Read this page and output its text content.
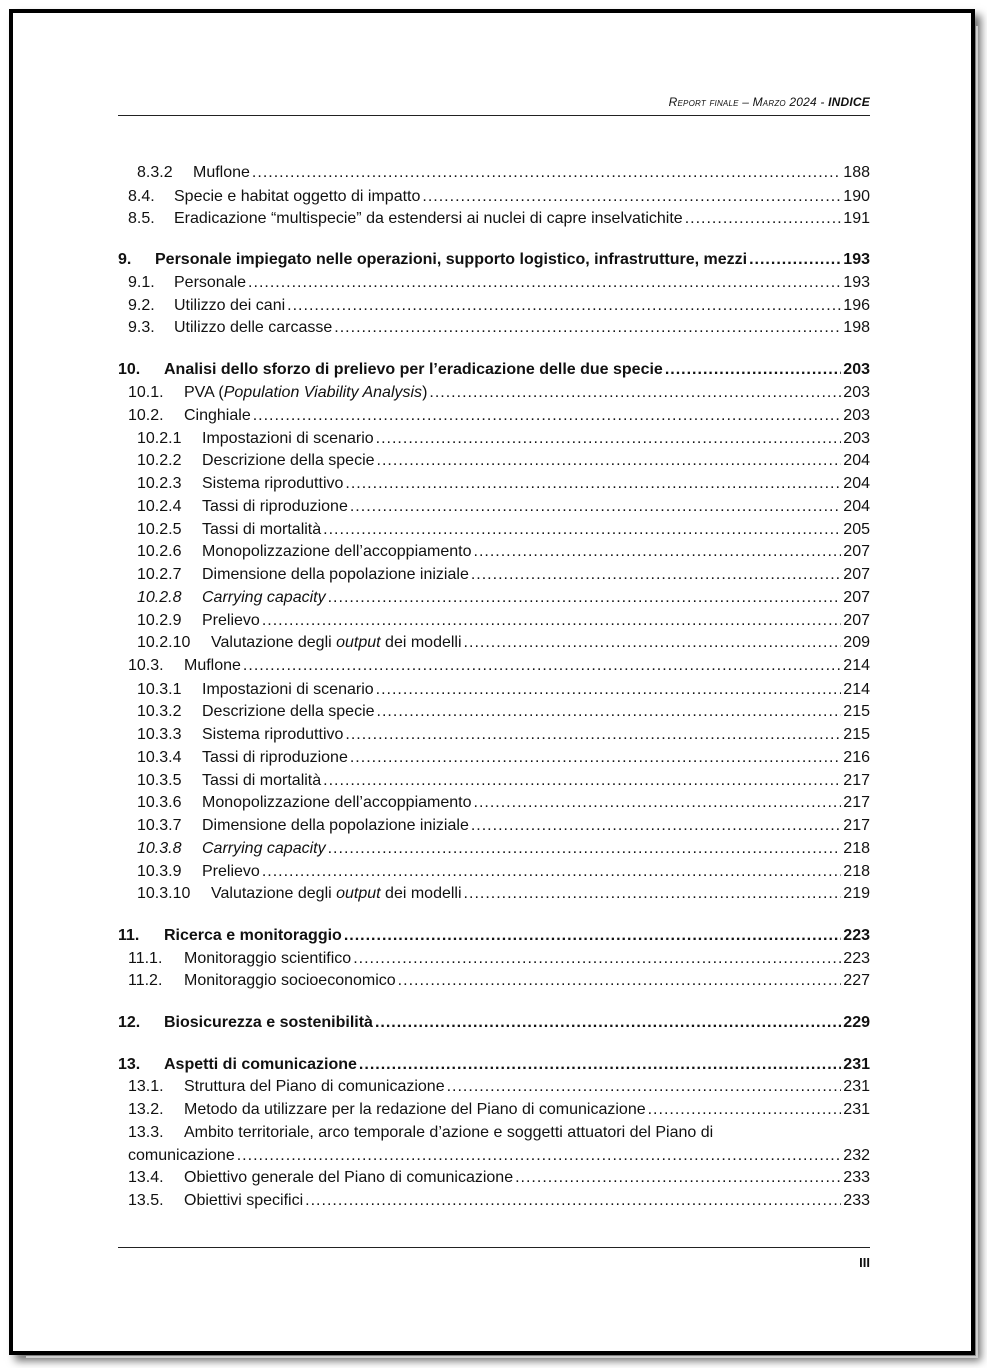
Report finale – Marzo 2024 - INDICE
8.3.2	Muflone .....	188
8.4.	Specie e habitat oggetto di impatto .....	190
8.5.	Eradicazione “multispecie” da estendersi ai nuclei di capre inselvatichite .....	191
9.	Personale impiegato nelle operazioni, supporto logistico, infrastrutture, mezzi .....	193
9.1.	Personale .....	193
9.2.	Utilizzo dei cani .....	196
9.3.	Utilizzo delle carcasse .....	198
10.	Analisi dello sforzo di prelievo per l’eradicazione delle due specie .....	203
10.1.	PVA (Population Viability Analysis) .....	203
10.2.	Cinghiale .....	203
10.2.1	Impostazioni di scenario .....	203
10.2.2	Descrizione della specie .....	204
10.2.3	Sistema riproduttivo .....	204
10.2.4	Tassi di riproduzione .....	204
10.2.5	Tassi di mortalità .....	205
10.2.6	Monopolizzazione dell’accoppiamento .....	207
10.2.7	Dimensione della popolazione iniziale .....	207
10.2.8	Carrying capacity .....	207
10.2.9	Prelievo .....	207
10.2.10	Valutazione degli output dei modelli .....	209
10.3.	Muflone .....	214
10.3.1	Impostazioni di scenario .....	214
10.3.2	Descrizione della specie .....	215
10.3.3	Sistema riproduttivo .....	215
10.3.4	Tassi di riproduzione .....	216
10.3.5	Tassi di mortalità .....	217
10.3.6	Monopolizzazione dell’accoppiamento .....	217
10.3.7	Dimensione della popolazione iniziale .....	217
10.3.8	Carrying capacity .....	218
10.3.9	Prelievo .....	218
10.3.10	Valutazione degli output dei modelli .....	219
11.	Ricerca e monitoraggio .....	223
11.1.	Monitoraggio scientifico .....	223
11.2.	Monitoraggio socioeconomico .....	227
12.	Biosicurezza e sostenibilità .....	229
13.	Aspetti di comunicazione .....	231
13.1.	Struttura del Piano di comunicazione .....	231
13.2.	Metodo da utilizzare per la redazione del Piano di comunicazione .....	231
13.3. Ambito territoriale, arco temporale d’azione e soggetti attuatori del Piano di
comunicazione .....	232
13.4.	Obiettivo generale del Piano di comunicazione .....	233
13.5.	Obiettivi specifici .....	233
III
